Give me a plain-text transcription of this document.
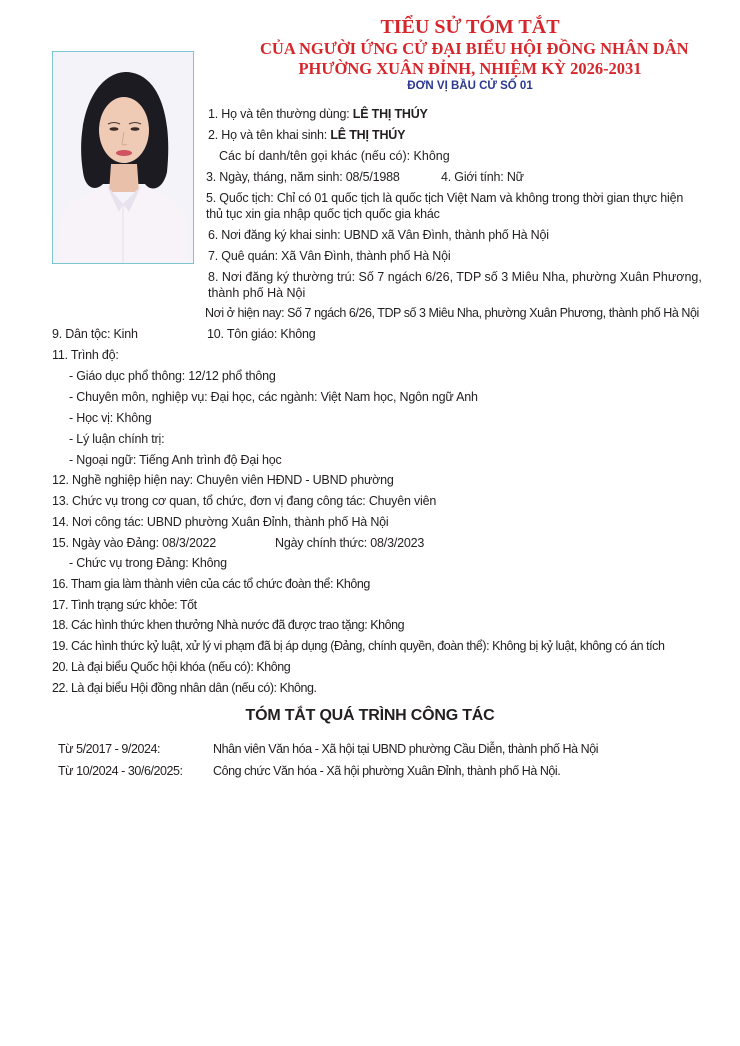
TIỂU SỬ TÓM TẮT
CỦA NGƯỜI ỨNG CỬ ĐẠI BIỂU HỘI ĐỒNG NHÂN DÂN
PHƯỜNG XUÂN ĐỈNH, NHIỆM KỲ 2026-2031
ĐƠN VỊ BẦU CỬ SỐ 01
1. Họ và tên thường dùng: LÊ THỊ THÚY
2. Họ và tên khai sinh: LÊ THỊ THÚY
Các bí danh/tên gọi khác (nếu có): Không
3. Ngày, tháng, năm sinh: 08/5/1988	4. Giới tính: Nữ
5. Quốc tịch: Chỉ có 01 quốc tịch là quốc tịch Việt Nam và không trong thời gian thực hiện
thủ tục xin gia nhập quốc tịch quốc gia khác
6. Nơi đăng ký khai sinh: UBND xã Vân Đình, thành phố Hà Nội
7. Quê quán: Xã Vân Đình, thành phố Hà Nội
8. Nơi đăng ký thường trú: Số 7 ngách 6/26, TDP số 3 Miêu Nha, phường Xuân Phương,
thành phố Hà Nội
Nơi ở hiện nay: Số 7 ngách 6/26, TDP số 3 Miêu Nha, phường Xuân Phương, thành phố Hà Nội
9. Dân tộc: Kinh	10. Tôn giáo: Không
11. Trình độ:
- Giáo dục phổ thông: 12/12 phổ thông
- Chuyên môn, nghiệp vụ: Đại học, các ngành: Việt Nam học, Ngôn ngữ Anh
- Học vị: Không
- Lý luận chính trị:
- Ngoại ngữ: Tiếng Anh trình độ Đại học
12. Nghề nghiệp hiện nay: Chuyên viên HĐND - UBND phường
13. Chức vụ trong cơ quan, tổ chức, đơn vị đang công tác: Chuyên viên
14. Nơi công tác: UBND phường Xuân Đỉnh, thành phố Hà Nội
15. Ngày vào Đảng: 08/3/2022	Ngày chính thức: 08/3/2023
- Chức vụ trong Đảng: Không
16. Tham gia làm thành viên của các tổ chức đoàn thể: Không
17. Tình trạng sức khỏe: Tốt
18. Các hình thức khen thưởng Nhà nước đã được trao tặng: Không
19. Các hình thức kỷ luật, xử lý vi phạm đã bị áp dụng (Đảng, chính quyền, đoàn thể): Không bị kỷ luật, không có án tích
20. Là đại biểu Quốc hội khóa (nếu có): Không
22. Là đại biểu Hội đồng nhân dân (nếu có): Không.
TÓM TẮT QUÁ TRÌNH CÔNG TÁC
Từ 5/2017 - 9/2024:	Nhân viên Văn hóa - Xã hội tại UBND phường Cầu Diễn, thành phố Hà Nội
Từ 10/2024 - 30/6/2025: Công chức Văn hóa - Xã hội phường Xuân Đỉnh, thành phố Hà Nội.
